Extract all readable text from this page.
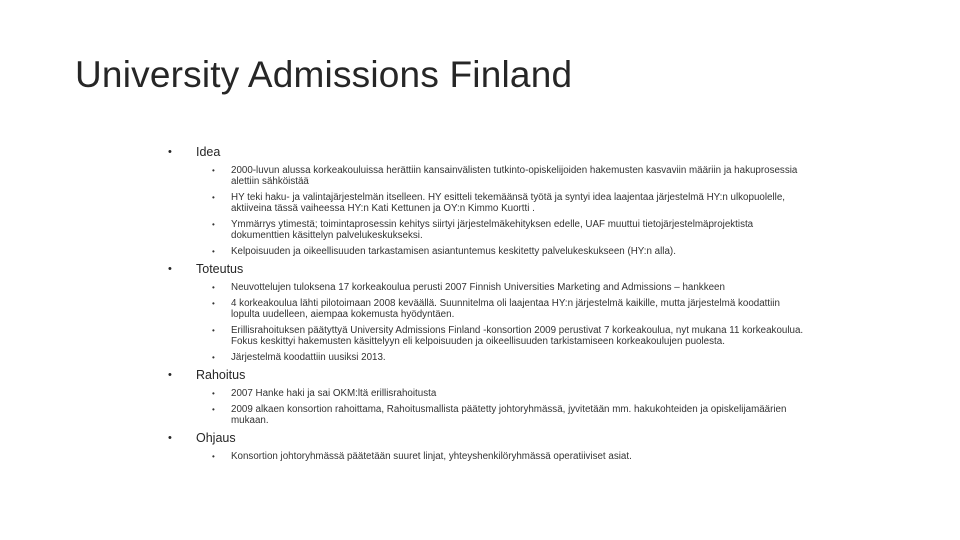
University Admissions Finland
• Idea
• 2000-luvun alussa korkeakouluissa herättiin kansainvälisten tutkinto-opiskelijoiden hakemusten kasvaviin määriin ja hakuprosessia alettiin sähköistää
• HY teki haku- ja valintajärjestelmän itselleen. HY esitteli tekemäänsä työtä ja syntyi idea laajentaa järjestelmä HY:n ulkopuolelle, aktiiveina tässä vaiheessa HY:n Kati Kettunen ja OY:n Kimmo Kuortti .
• Ymmärrys ytimestä; toimintaprosessin kehitys siirtyi järjestelmäkehityksen edelle, UAF muuttui tietojärjestelmäprojektista dokumenttien käsittelyn palvelukeskukseksi.
• Kelpoisuuden ja oikeellisuuden tarkastamisen asiantuntemus keskitetty palvelukeskukseen (HY:n alla).
• Toteutus
• Neuvottelujen tuloksena 17 korkeakoulua perusti 2007 Finnish Universities Marketing and Admissions – hankkeen
• 4 korkeakoulua lähti pilotoimaan 2008 keväällä. Suunnitelma oli laajentaa HY:n järjestelmä kaikille, mutta järjestelmä koodattiin lopulta uudelleen, aiempaa kokemusta hyödyntäen.
• Erillisrahoituksen päätyttyä University Admissions Finland -konsortion 2009 perustivat 7 korkeakoulua, nyt mukana 11 korkeakoulua. Fokus keskittyi hakemusten käsittelyyn eli kelpoisuuden ja oikeellisuuden tarkistamiseen korkeakoulujen puolesta.
• Järjestelmä koodattiin uusiksi 2013.
• Rahoitus
• 2007 Hanke haki ja sai OKM:ltä erillisrahoitusta
• 2009 alkaen konsortion rahoittama, Rahoitusmallista päätetty johtoryhmässä, jyvitetään mm. hakukohteiden ja opiskelijamäärien mukaan.
• Ohjaus
• Konsortion johtoryhmässä päätetään suuret linjat, yhteyshenkilöryhmässä operatiiviset asiat.
